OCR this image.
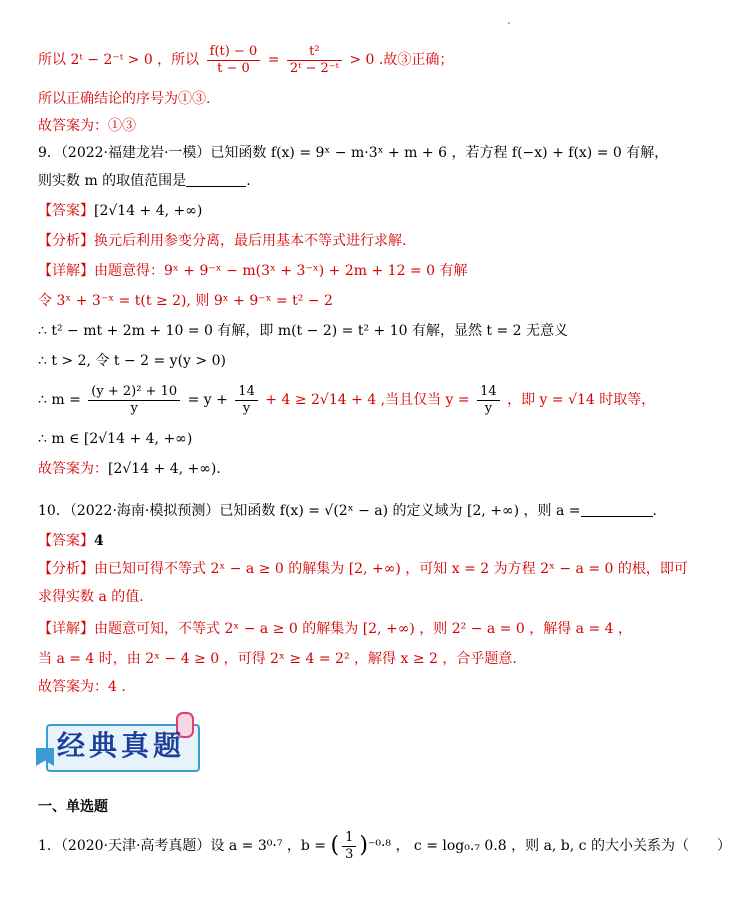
所以 2ᵗ − 2⁻ᵗ > 0 ，所以 $\frac{f(t) - 0}{t - 0} = \frac{\text{t²}}{\text{2ᵗ − 2⁻ᵗ}} > 0$ .故③正确；
所以正确结论的序号为①③.
故答案为：①③
9．（2022·福建龙岩·一模）已知函数 f(x) = 9ˣ − m·3ˣ + m + 6 ，若方程 f(−x) + f(x) = 0 有解，
则实数 m 的取值范围是	.
【答案】[2√14 + 4, +∞)
【分析】换元后利用参变分离，最后用基本不等式进行求解.
【详解】由题意得：9ˣ + 9⁻ˣ − m(3ˣ + 3⁻ˣ) + 2m + 12 = 0 有解
令 3ˣ + 3⁻ˣ = t(t ≥ 2), 则 9ˣ + 9⁻ˣ = t² − 2
∴ t² − mt + 2m + 10 = 0 有解，即 m(t − 2) = t² + 10 有解，显然 t = 2 无意义
∴ t > 2, 令 t − 2 = y(y > 0)
∴ $m = \frac{\text{(y + 2)² + 10}}{y} = y + \frac{14}{y} + 4 \ge 2√14 + 4$ ,当且仅当 $y = \frac{14}{y}$ ，即 y = √14 时取等，
∴ m ∈ [2√14 + 4, +∞)
故答案为：[2√14 + 4, +∞).
10．（2022·海南·模拟预测）已知函数 f(x) = √(2ˣ − a) 的定义域为 [2, +∞) ，则 a =	.
【答案】4
【分析】由已知可得不等式 2ˣ − a ≥ 0 的解集为 [2, +∞) ，可知 x = 2 为方程 2ˣ − a = 0 的根，即可
求得实数 a 的值.
【详解】由题意可知，不等式 2ˣ − a ≥ 0 的解集为 [2, +∞) ，则 2² − a = 0 ，解得 a = 4 ，
当 a = 4 时，由 2ˣ − 4 ≥ 0 ，可得 2ˣ ≥ 4 = 2² ，解得 x ≥ 2 ，合乎题意.
故答案为：4 .
经典真题
一、单选题
1．（2020·天津·高考真题）设 a = 3⁰·⁷ ，b = ( $\frac{1}{3} )^{-0}\cdot^8$ ， c = log₀.₇ 0.8 ，则 a, b, c 的大小关系为（　　）
